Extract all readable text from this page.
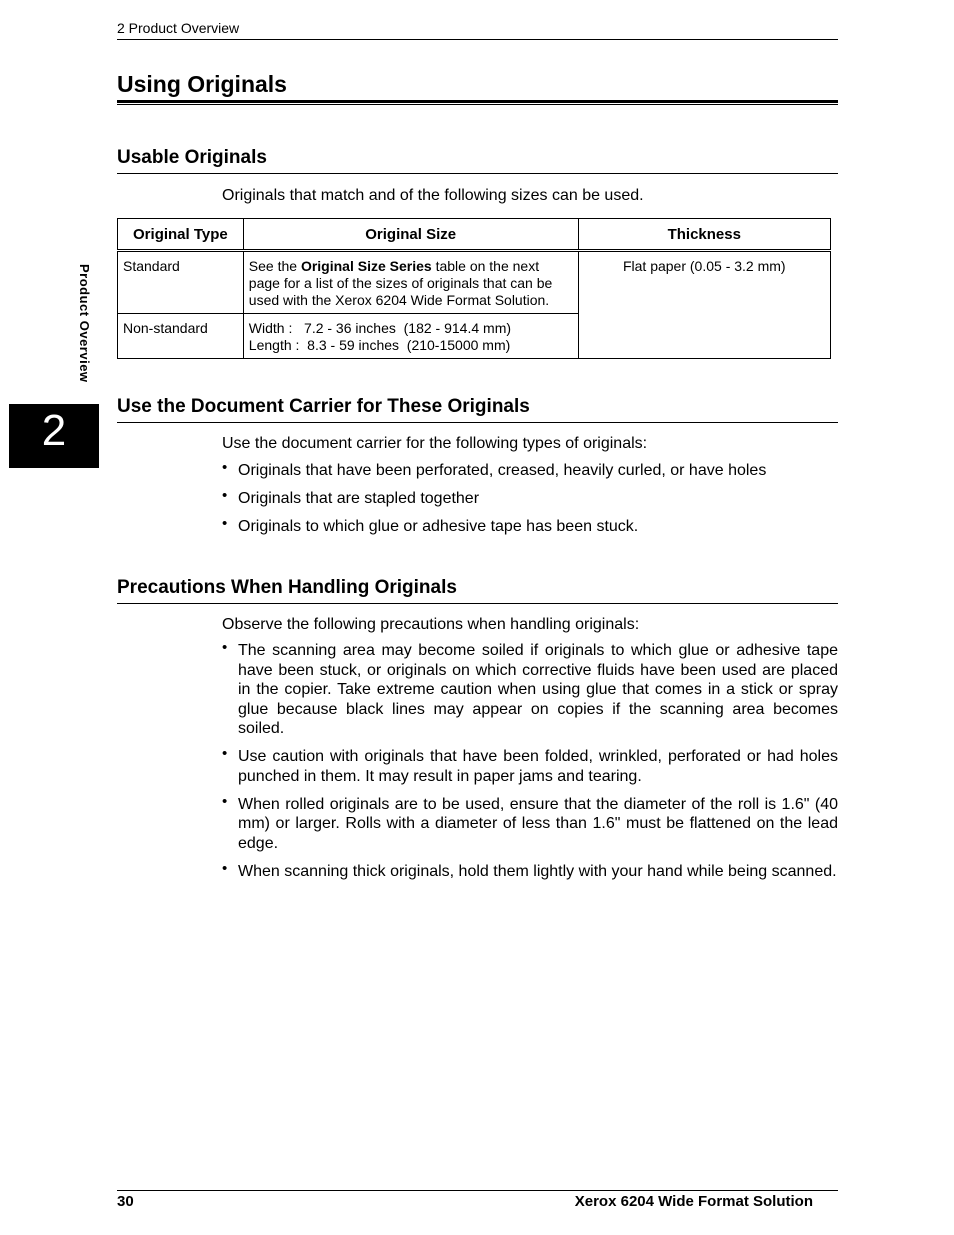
2 Product Overview
Product Overview
2
Using Originals
Usable Originals

Originals that match and of the following sizes can be used.

Original Type	Original Size	Thickness
Standard	See the Original Size Series table on the next page for a list of the sizes of originals that can be used with the Xerox 6204 Wide Format Solution.	Flat paper (0.05 - 3.2 mm)
Non-standard	Width :   7.2 - 36 inches  (182 - 914.4 mm)
Length :  8.3 - 59 inches  (210-15000 mm)	
Use the Document Carrier for These Originals

Use the document carrier for the following types of originals:

• Originals that have been perforated, creased, heavily curled, or have holes
• Originals that are stapled together
• Originals to which glue or adhesive tape has been stuck.
Precautions When Handling Originals

Observe the following precautions when handling originals:

• The scanning area may become soiled if originals to which glue or adhesive tape have been stuck, or originals on which corrective fluids have been used are placed in the copier. Take extreme caution when using glue that comes in a stick or spray glue because black lines may appear on copies if the scanning area becomes soiled.
• Use caution with originals that have been folded, wrinkled, perforated or had holes punched in them. It may result in paper jams and tearing.
• When rolled originals are to be used, ensure that the diameter of the roll is 1.6" (40 mm) or larger. Rolls with a diameter of less than 1.6" must be flattened on the lead edge.
• When scanning thick originals, hold them lightly with your hand while being scanned.
30	Xerox 6204 Wide Format Solution
